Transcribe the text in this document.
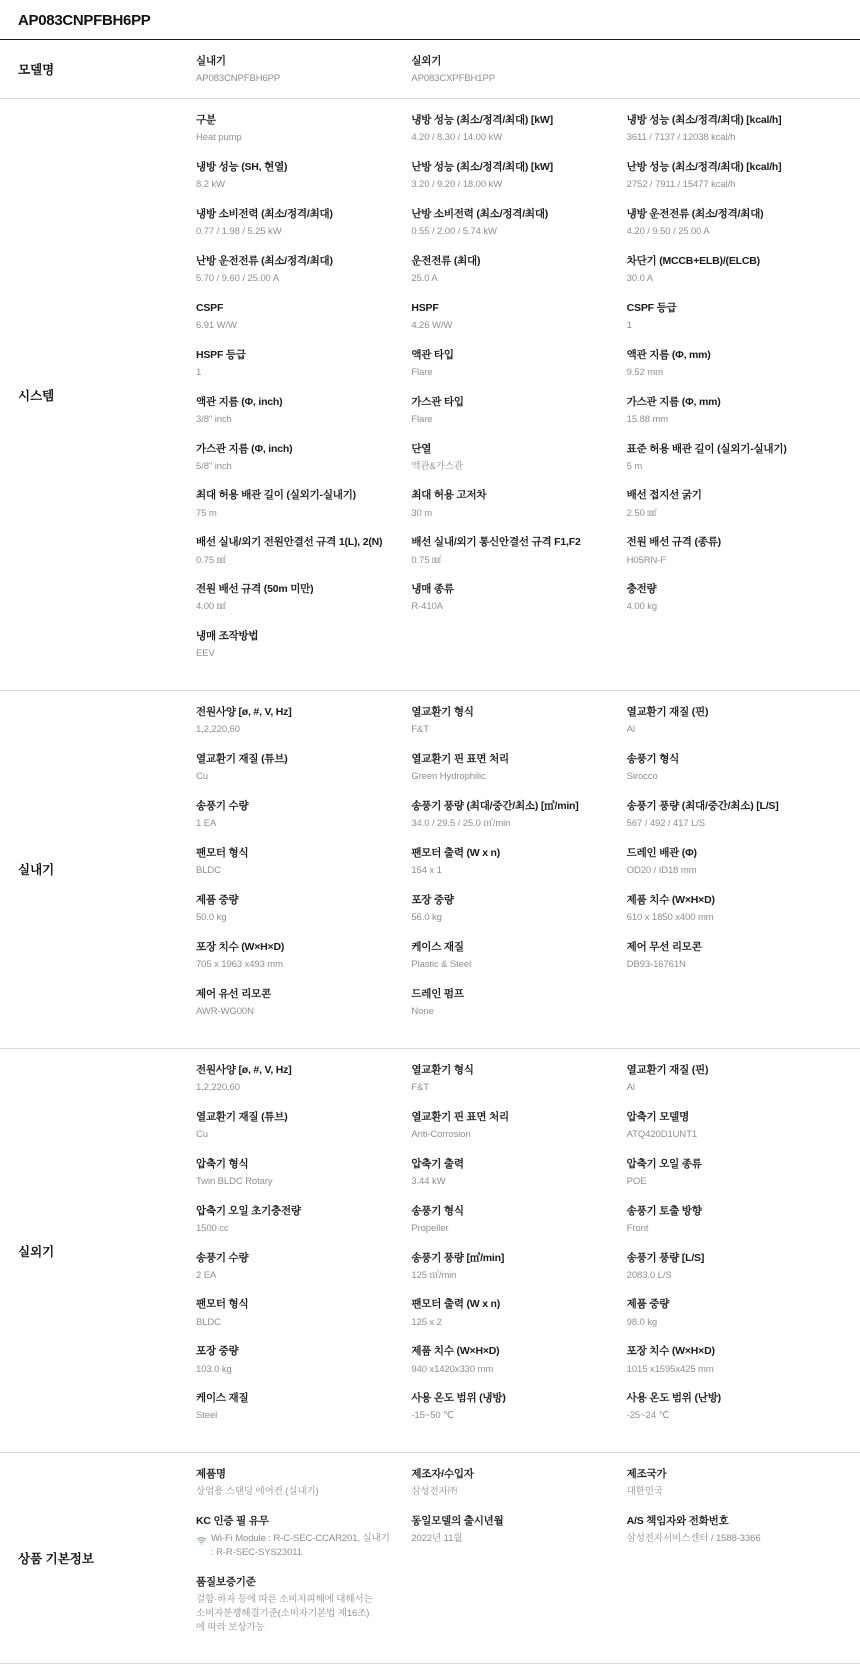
AP083CNPFBH6PP
모델명
실내기
AP083CNPFBH6PP
실외기
AP083CXPFBH1PP
시스템
구분
Heat pump
냉방 성능 (최소/정격/최대) [kW]
4.20 / 8.30 / 14.00 kW
냉방 성능 (최소/정격/최대) [kcal/h]
3611 / 7137 / 12038 kcal/h
냉방 성능 (SH, 현열)
8.2 kW
난방 성능 (최소/정격/최대) [kW]
3.20 / 9.20 / 18.00 kW
난방 성능 (최소/정격/최대) [kcal/h]
2752 / 7911 / 15477 kcal/h
냉방 소비전력 (최소/정격/최대)
0.77 / 1.98 / 5.25 kW
난방 소비전력 (최소/정격/최대)
0.55 / 2.00 / 5.74 kW
냉방 운전전류 (최소/정격/최대)
4.20 / 9.50 / 25.00 A
난방 운전전류 (최소/정격/최대)
5.70 / 9.60 / 25.00 A
운전전류 (최대)
25.0 A
차단기 (MCCB+ELB)/(ELCB)
30.0 A
CSPF
6.91 W/W
HSPF
4.26 W/W
CSPF 등급
1
HSPF 등급
1
액관 타입
Flare
액관 지름 (Φ, mm)
9.52 mm
액관 지름 (Φ, inch)
3/8" inch
가스관 타입
Flare
가스관 지름 (Φ, mm)
15.88 mm
가스관 지름 (Φ, inch)
5/8" inch
단열
액관&가스관
표준 허용 배관 길이 (실외기-실내기)
5 m
최대 허용 배관 길이 (실외기-실내기)
75 m
최대 허용 고저차
30 m
배선 접지선 굵기
2.50 ㎟
배선 실내/외기 전원안결선 규격 1(L), 2(N)
0.75 ㎟
배선 실내/외기 통신안결선 규격 F1,F2
0.75 ㎟
전원 배선 규격 (종류)
H05RN-F
전원 배선 규격 (50m 미만)
4.00 ㎟
냉매 종류
R-410A
충전량
4.00 kg
냉매 조작방법
EEV
실내기
전원사양 [ø, #, V, Hz]
1,2,220,60
열교환기 형식
F&T
열교환기 재질 (핀)
Al
열교환기 재질 (튜브)
Cu
열교환기 핀 표면 처리
Green Hydrophilic
송풍기 형식
Sirocco
송풍기 수량
1 EA
송풍기 풍량 (최대/중간/최소) [㎥/min]
34.0 / 29.5 / 25.0 ㎥/min
송풍기 풍량 (최대/중간/최소) [L/S]
567 / 492 / 417 L/S
팬모터 형식
BLDC
팬모터 출력 (W x n)
154 x 1
드레인 배관 (Φ)
OD20 / ID18 mm
제품 중량
50.0 kg
포장 중량
56.0 kg
제품 치수 (W×H×D)
610 x 1850 x400 mm
포장 치수 (W×H×D)
705 x 1963 x493 mm
케이스 재질
Plastic & Steel
제어 무선 리모콘
DB93-16761N
제어 유선 리모콘
AWR-WG00N
드레인 펌프
None
실외기
전원사양 [ø, #, V, Hz]
1,2,220,60
열교환기 형식
F&T
열교환기 재질 (핀)
Al
열교환기 재질 (튜브)
Cu
열교환기 핀 표면 처리
Anti-Corrosion
압축기 모델명
ATQ420D1UNT1
압축기 형식
Twin BLDC Rotary
압축기 출력
3.44 kW
압축기 오일 종류
POE
압축기 오일 초기충전량
1500 cc
송풍기 형식
Propeller
송풍기 토출 방향
Front
송풍기 수량
2 EA
송풍기 풍량 [㎥/min]
125 ㎥/min
송풍기 풍량 [L/S]
2083.0 L/S
팬모터 형식
BLDC
팬모터 출력 (W x n)
125 x 2
제품 중량
98.0 kg
포장 중량
103.0 kg
제품 치수 (W×H×D)
940 x1420x330 mm
포장 치수 (W×H×D)
1015 x1595x425 mm
케이스 재질
Steel
사용 온도 범위 (냉방)
-15~50 ℃
사용 온도 범위 (난방)
-25~24 ℃
상품 기본정보
제품명
상업용 스탠딩 에어컨 (실내기)
제조자/수입자
삼성전자㈜
제조국가
대한민국
KC 인증 필 유무
Wi-Fi Module : R-C-SEC-CCAR201, 실내기 : R-R-SEC-SYS23011
동일모델의 출시년월
2022년 11월
A/S 책임자와 전화번호
삼성전자서비스센터 / 1588-3366
품질보증기준
걸함·하자 등에 따른 소비자피해에 대해서는 소비자분쟁해결기준(소비자기본법 제16조)에 따라 보상가능
